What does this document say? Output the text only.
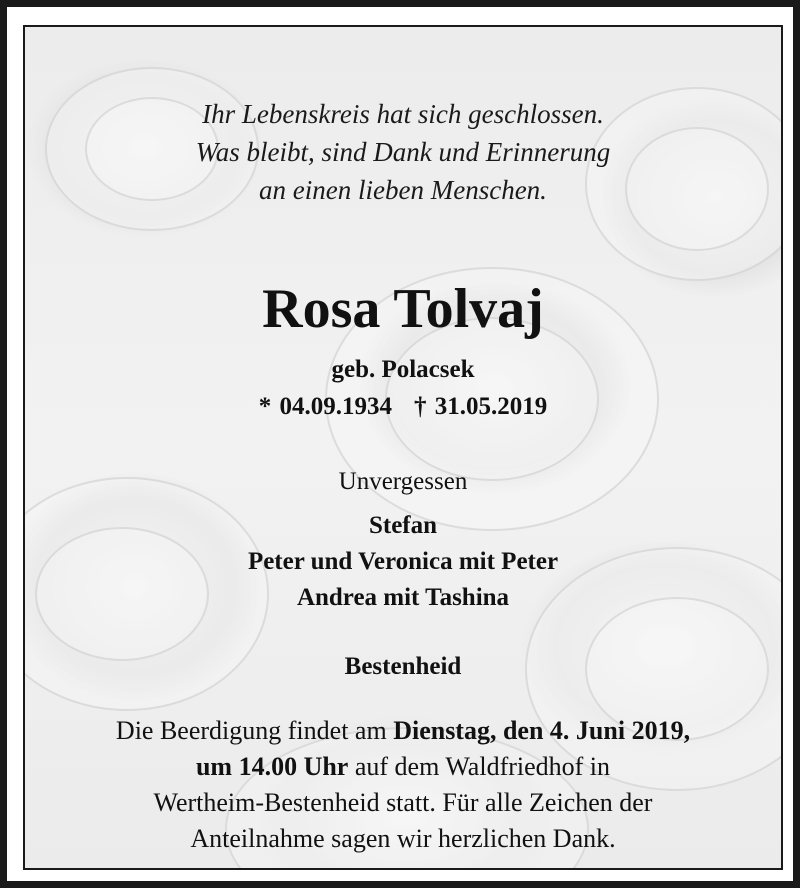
Ihr Lebenskreis hat sich geschlossen.
Was bleibt, sind Dank und Erinnerung
an einen lieben Menschen.
Rosa Tolvaj
geb. Polacsek
* 04.09.1934 † 31.05.2019
Unvergessen
Stefan
Peter und Veronica mit Peter
Andrea mit Tashina
Bestenheid
Die Beerdigung findet am Dienstag, den 4. Juni 2019,
um 14.00 Uhr auf dem Waldfriedhof in
Wertheim-Bestenheid statt. Für alle Zeichen der
Anteilnahme sagen wir herzlichen Dank.
